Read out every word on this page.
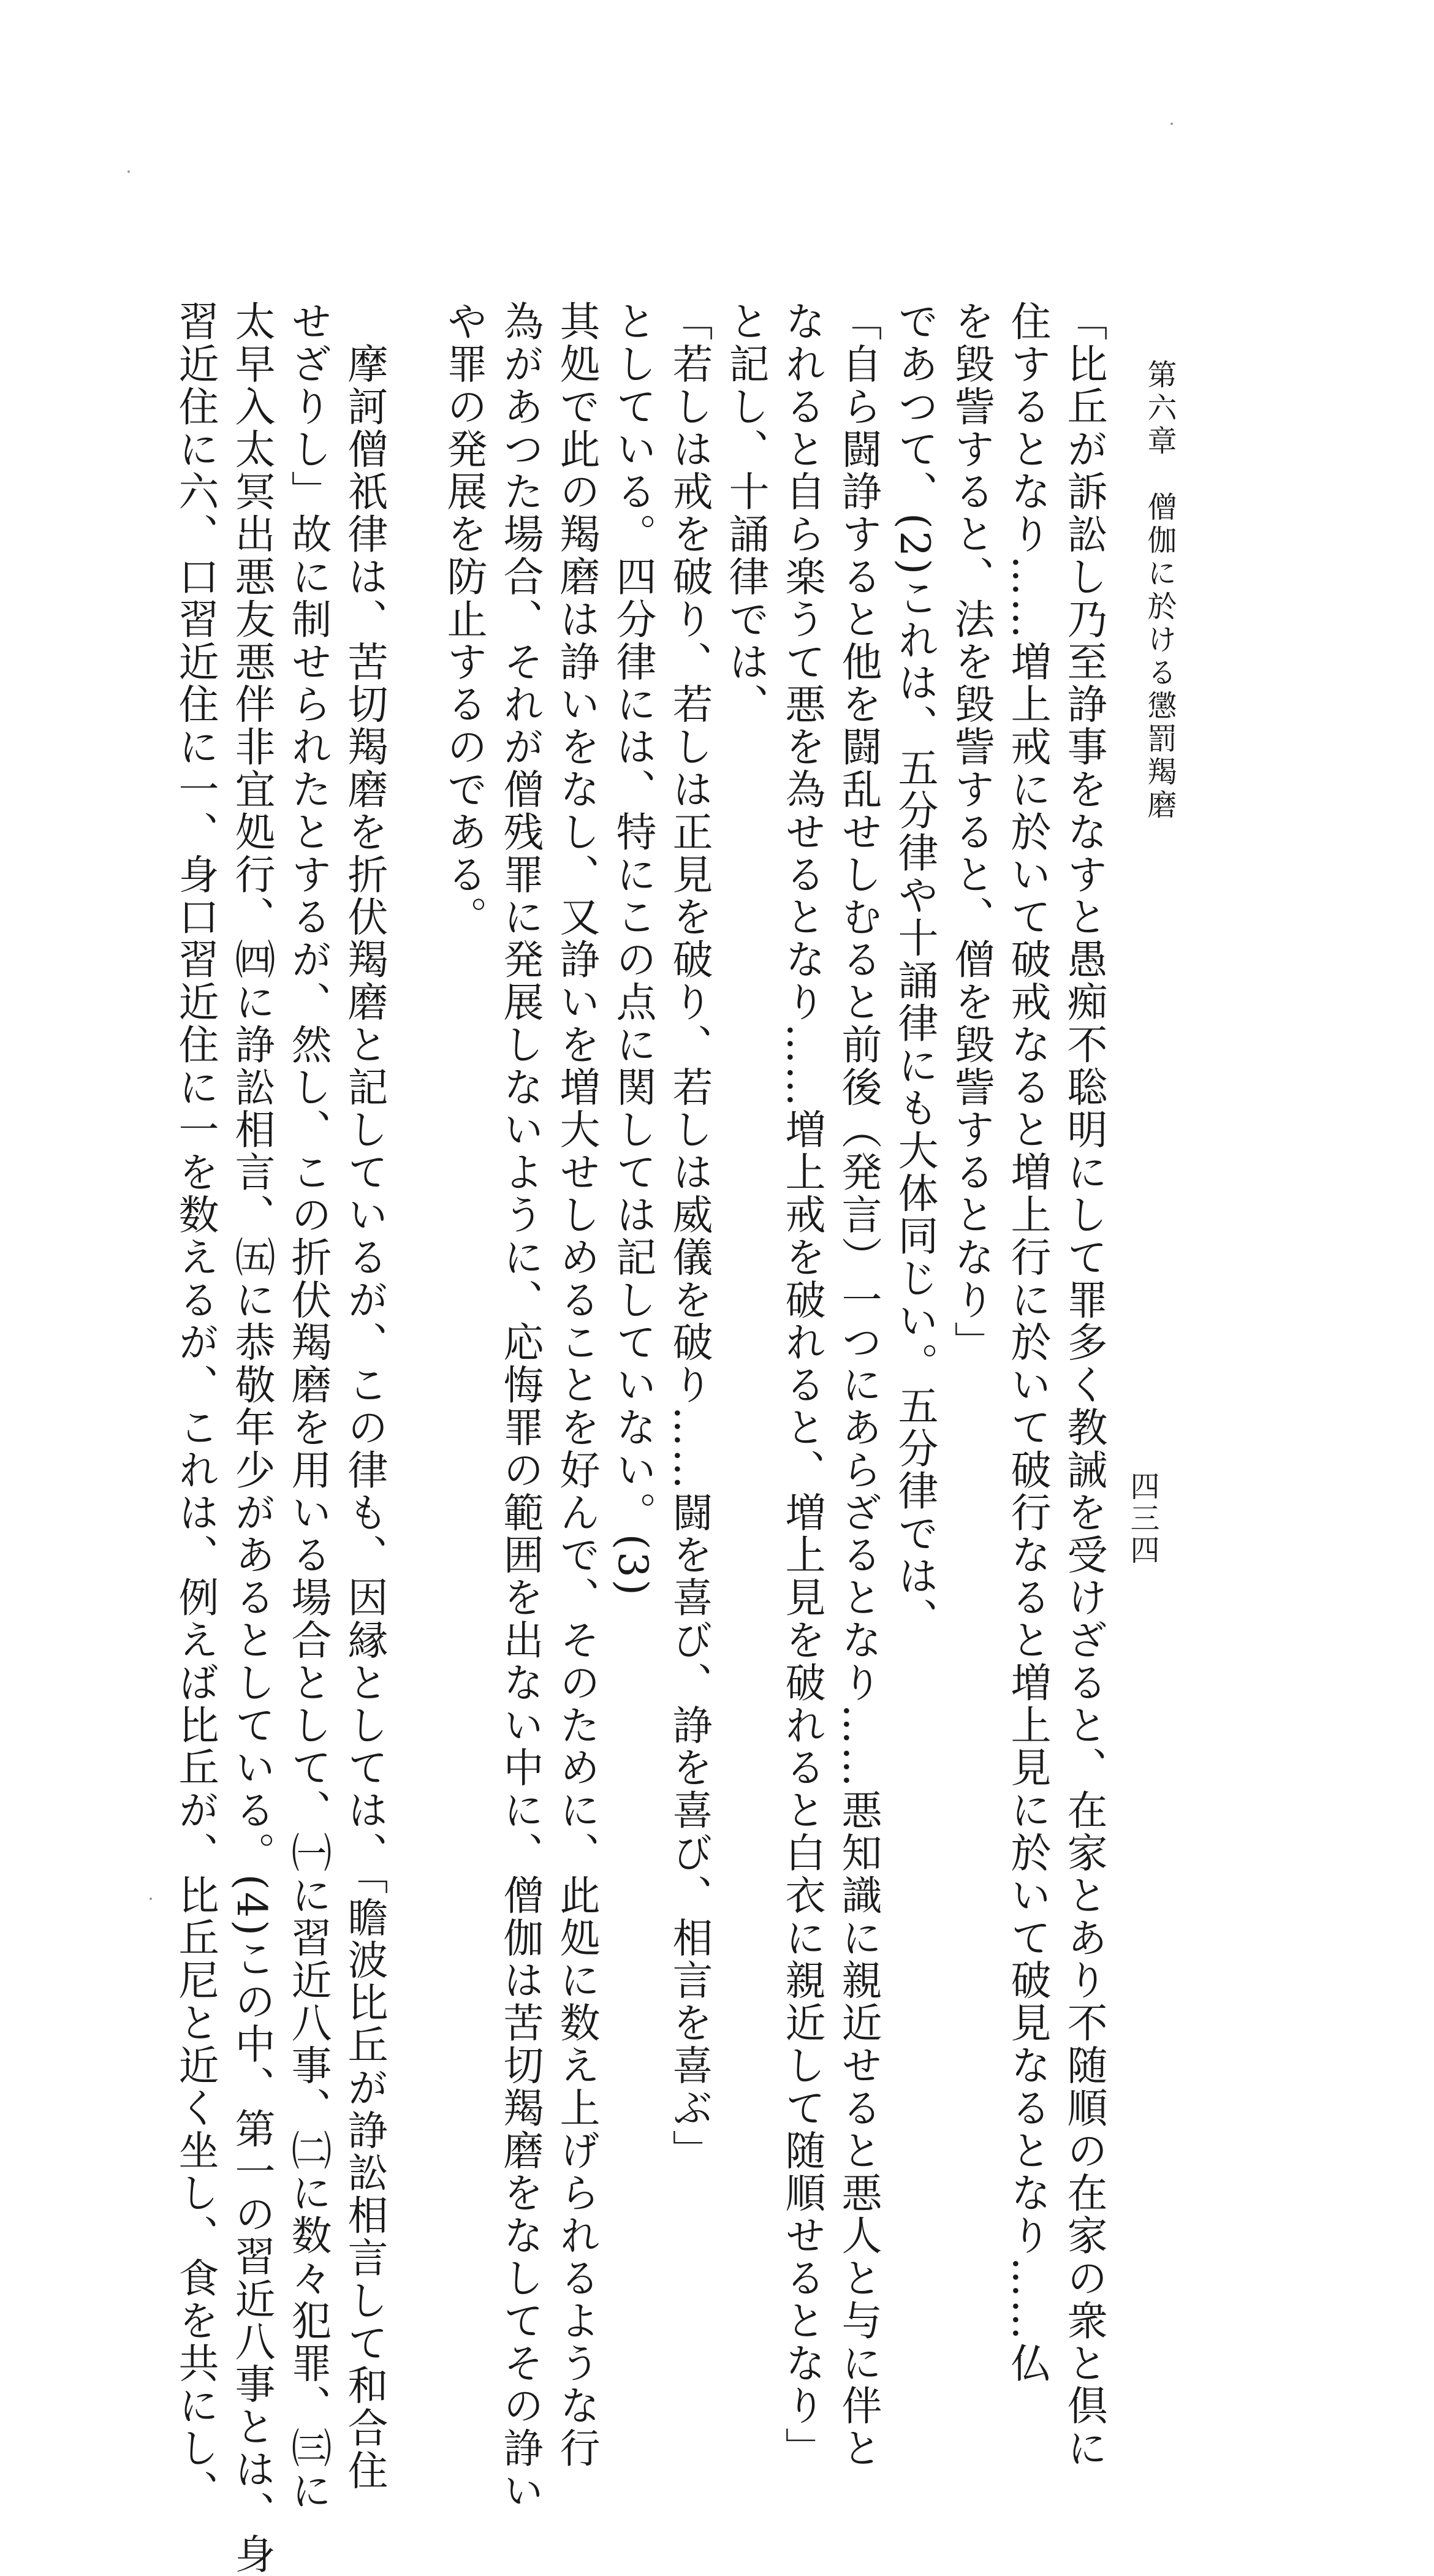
第六章　僧伽に於ける懲罰羯磨
四三四
「比丘が訴訟し乃至諍事をなすと愚痴不聡明にして罪多く教誡を受けざると、在家とあり不随順の在家の衆と倶に
住するとなり……増上戒に於いて破戒なると増上行に於いて破行なると増上見に於いて破見なるとなり……仏
を毀訾すると、法を毀訾すると、僧を毀訾するとなり」
であつて、(2)これは、五分律や十誦律にも大体同じい。五分律では、
「自ら闘諍すると他を闘乱せしむると前後（発言）一つにあらざるとなり……悪知識に親近せると悪人と与に伴と
なれると自ら楽うて悪を為せるとなり……増上戒を破れると、増上見を破れると白衣に親近して随順せるとなり」
と記し、十誦律では、
「若しは戒を破り、若しは正見を破り、若しは威儀を破り……闘を喜び、諍を喜び、相言を喜ぶ」
としている。四分律には、特にこの点に関しては記していない。(3)
其処で此の羯磨は諍いをなし、又諍いを増大せしめることを好んで、そのために、此処に数え上げられるような行
為があつた場合、それが僧残罪に発展しないように、応悔罪の範囲を出ない中に、僧伽は苦切羯磨をなしてその諍い
や罪の発展を防止するのである。
　摩訶僧祇律は、苦切羯磨を折伏羯磨と記しているが、この律も、因縁としては、「瞻波比丘が諍訟相言して和合住
せざりし」故に制せられたとするが、然し、この折伏羯磨を用いる場合として、㈠に習近八事、㈡に数々犯罪、㈢に
太早入太冥出悪友悪伴非宜処行、㈣に諍訟相言、㈤に恭敬年少があるとしている。(4)この中、第一の習近八事とは、身
習近住に六、口習近住に一、身口習近住に一を数えるが、これは、例えば比丘が、比丘尼と近く坐し、食を共にし、
